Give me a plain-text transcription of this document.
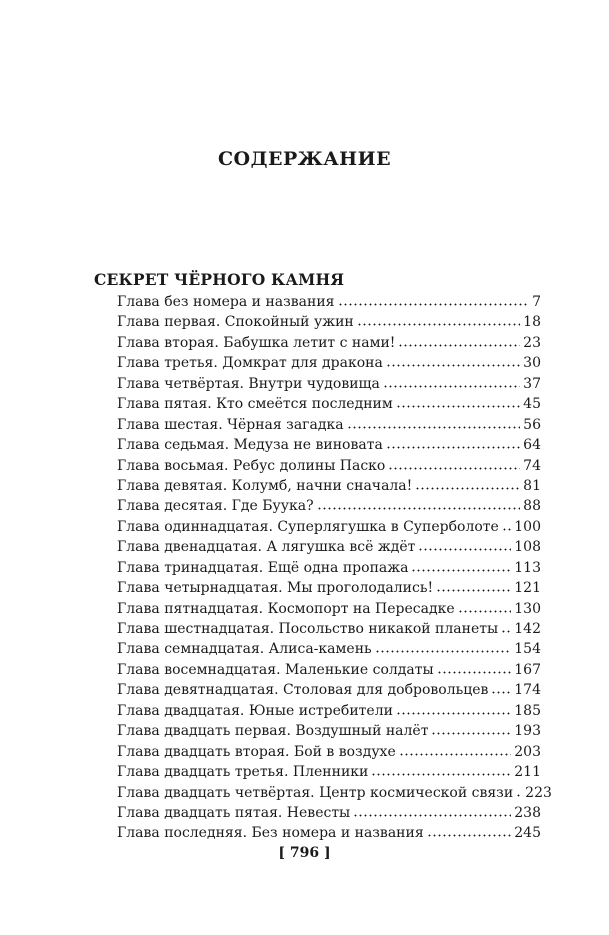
СОДЕРЖАНИЕ
СЕКРЕТ ЧЁРНОГО КАМНЯ
Глава без номера и названия	7
Глава первая. Спокойный ужин	18
Глава вторая. Бабушка летит с нами!	23
Глава третья. Домкрат для дракона	30
Глава четвёртая. Внутри чудовища	37
Глава пятая. Кто смеётся последним	45
Глава шестая. Чёрная загадка	56
Глава седьмая. Медуза не виновата	64
Глава восьмая. Ребус долины Паско	74
Глава девятая. Колумб, начни сначала!	81
Глава десятая. Где Буука?	88
Глава одиннадцатая. Суперлягушка в Суперболоте 100
Глава двенадцатая. А лягушка всё ждёт	108
Глава тринадцатая. Ещё одна пропажа	113
Глава четырнадцатая. Мы проголодались!	121
Глава пятнадцатая. Космопорт на Пересадке	130
Глава шестнадцатая. Посольство никакой планеты 142
Глава семнадцатая. Алиса-камень	154
Глава восемнадцатая. Маленькие солдаты	167
Глава девятнадцатая. Столовая для добровольцев 174
Глава двадцатая. Юные истребители	185
Глава двадцать первая. Воздушный налёт	193
Глава двадцать вторая. Бой в воздухе	203
Глава двадцать третья. Пленники	211
Глава двадцать четвёртая. Центр космической связи 223
Глава двадцать пятая. Невесты	238
Глава последняя. Без номера и названия	245
[ 796 ]
